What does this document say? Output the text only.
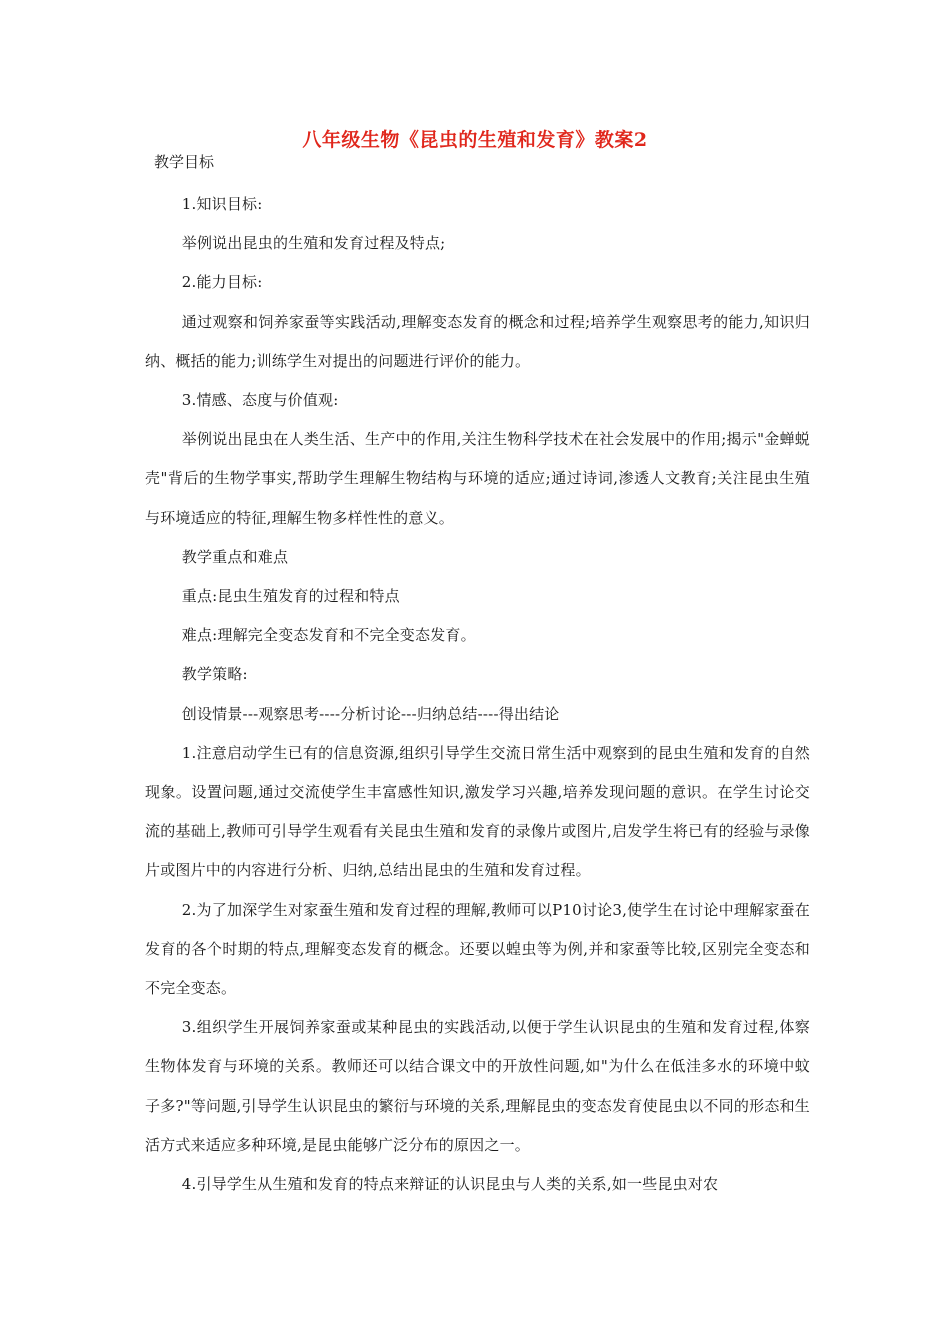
八年级生物《昆虫的生殖和发育》教案2
教学目标

1.知识目标:

举例说出昆虫的生殖和发育过程及特点;

2.能力目标:

通过观察和饲养家蚕等实践活动,理解变态发育的概念和过程;培养学生观察思考的能力,知识归纳、概括的能力;训练学生对提出的问题进行评价的能力。

3.情感、态度与价值观:

举例说出昆虫在人类生活、生产中的作用,关注生物科学技术在社会发展中的作用;揭示"金蝉蜕壳"背后的生物学事实,帮助学生理解生物结构与环境的适应;通过诗词,渗透人文教育;关注昆虫生殖与环境适应的特征,理解生物多样性性的意义。

教学重点和难点

重点:昆虫生殖发育的过程和特点

难点:理解完全变态发育和不完全变态发育。

教学策略:

创设情景---观察思考----分析讨论---归纳总结----得出结论

1.注意启动学生已有的信息资源,组织引导学生交流日常生活中观察到的昆虫生殖和发育的自然现象。设置问题,通过交流使学生丰富感性知识,激发学习兴趣,培养发现问题的意识。在学生讨论交流的基础上,教师可引导学生观看有关昆虫生殖和发育的录像片或图片,启发学生将已有的经验与录像片或图片中的内容进行分析、归纳,总结出昆虫的生殖和发育过程。

2.为了加深学生对家蚕生殖和发育过程的理解,教师可以P10讨论3,使学生在讨论中理解家蚕在发育的各个时期的特点,理解变态发育的概念。还要以蝗虫等为例,并和家蚕等比较,区别完全变态和不完全变态。

3.组织学生开展饲养家蚕或某种昆虫的实践活动,以便于学生认识昆虫的生殖和发育过程,体察生物体发育与环境的关系。教师还可以结合课文中的开放性问题,如"为什么在低洼多水的环境中蚊子多?"等问题,引导学生认识昆虫的繁衍与环境的关系,理解昆虫的变态发育使昆虫以不同的形态和生活方式来适应多种环境,是昆虫能够广泛分布的原因之一。

4.引导学生从生殖和发育的特点来辩证的认识昆虫与人类的关系,如一些昆虫对农
